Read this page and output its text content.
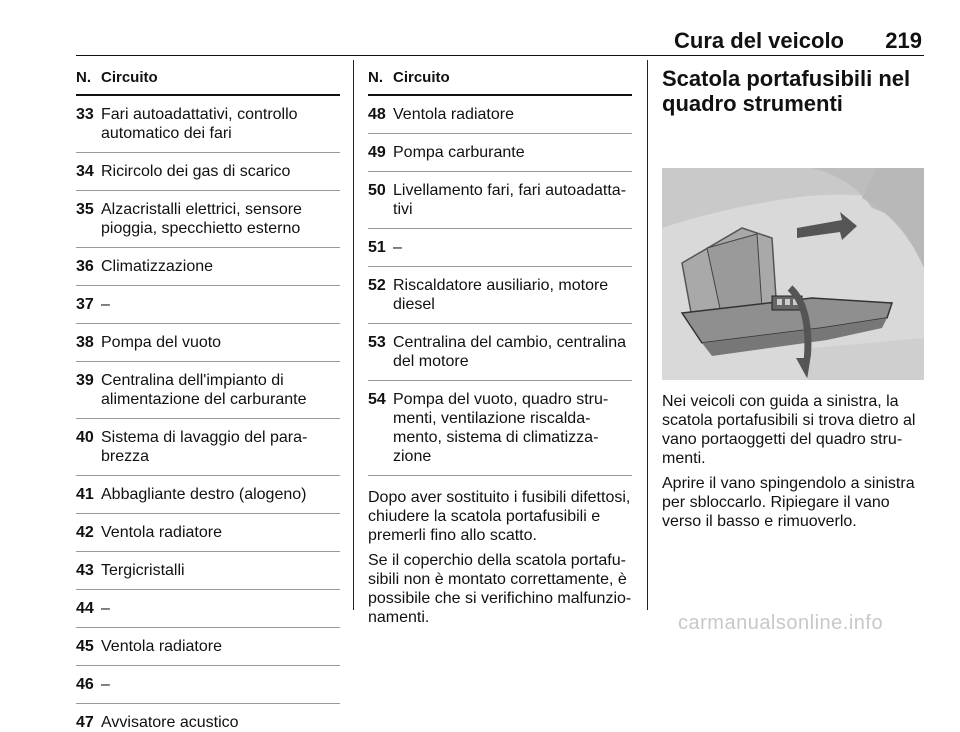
Cura del veicolo 219
N. Circuito
33 Fari autoadattativi, controllo automatico dei fari
34 Ricircolo dei gas di scarico
35 Alzacristalli elettrici, sensore pioggia, specchietto esterno
36 Climatizzazione
37 –
38 Pompa del vuoto
39 Centralina dell'impianto di alimentazione del carburante
40 Sistema di lavaggio del para- brezza
41 Abbagliante destro (alogeno)
42 Ventola radiatore
43 Tergicristalli
44 –
45 Ventola radiatore
46 –
47 Avvisatore acustico
N. Circuito
48 Ventola radiatore
49 Pompa carburante
50 Livellamento fari, fari autoadatta- tivi
51 –
52 Riscaldatore ausiliario, motore diesel
53 Centralina del cambio, centralina del motore
54 Pompa del vuoto, quadro stru- menti, ventilazione riscalda- mento, sistema di climatizza- zione

Dopo aver sostituito i fusibili difettosi, chiudere la scatola portafusibili e premerli fino allo scatto.

Se il coperchio della scatola portafu- sibili non è montato correttamente, è possibile che si verifichino malfunzio- namenti.

Scatola portafusibili nel quadro strumenti

Nei veicoli con guida a sinistra, la scatola portafusibili si trova dietro al vano portaoggetti del quadro stru- menti.

Aprire il vano spingendolo a sinistra per sbloccarlo. Ripiegare il vano verso il basso e rimuoverlo.

carmanualsonline.info
